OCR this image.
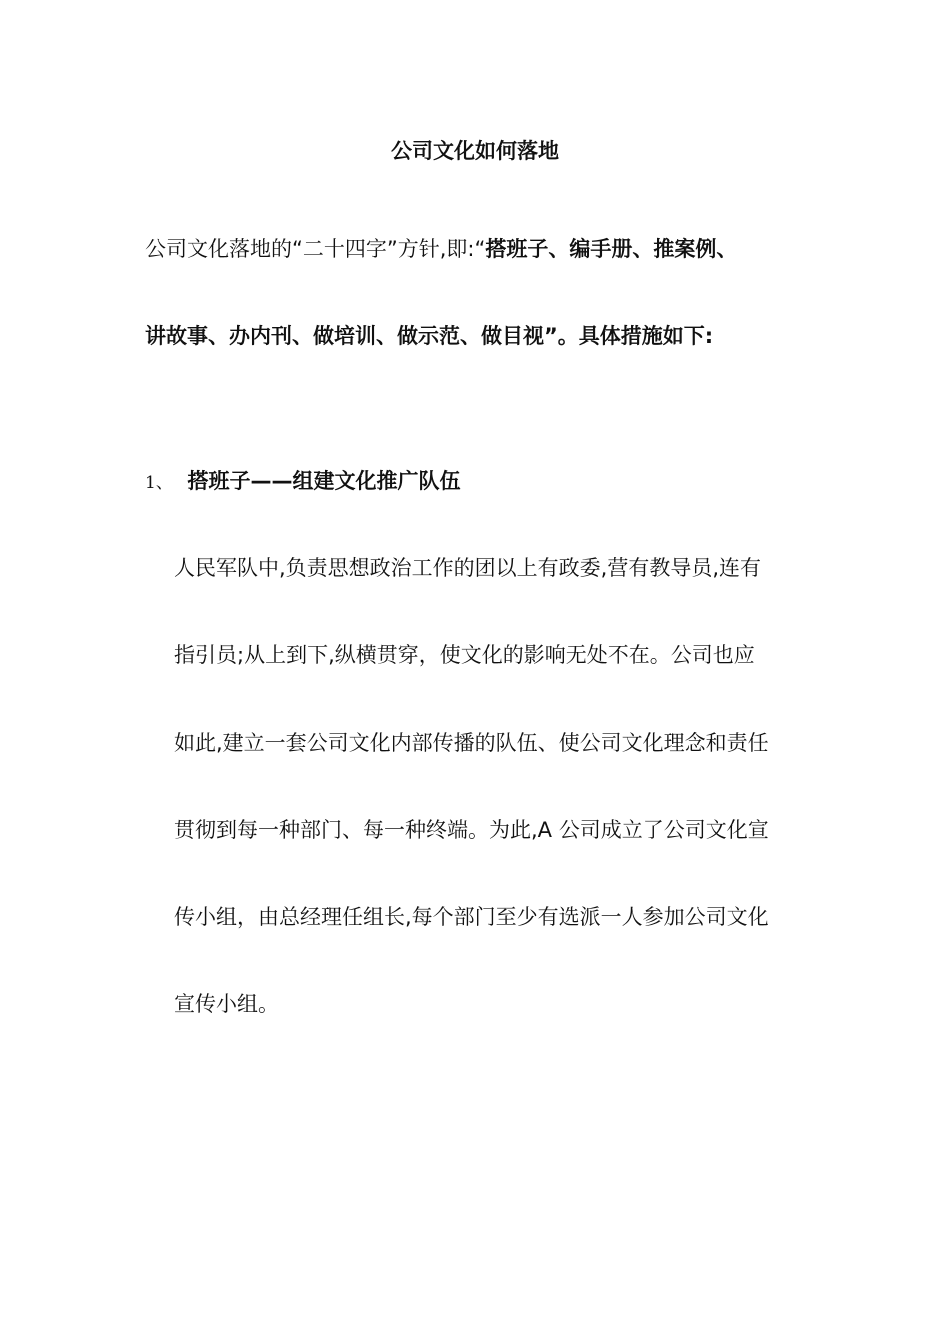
公司文化如何落地
公司文化落地的“二十四字”方针,即:“搭班子、编手册、推案例、
讲故事、办内刊、做培训、做示范、做目视”。具体措施如下:
1、 搭班子——组建文化推广队伍
人民军队中,负责思想政治工作的团以上有政委,营有教导员,连有
指引员;从上到下,纵横贯穿，使文化的影响无处不在。公司也应
如此,建立一套公司文化内部传播的队伍、使公司文化理念和责任
贯彻到每一种部门、每一种终端。为此,A 公司成立了公司文化宣
传小组，由总经理任组长,每个部门至少有选派一人参加公司文化
宣传小组。
